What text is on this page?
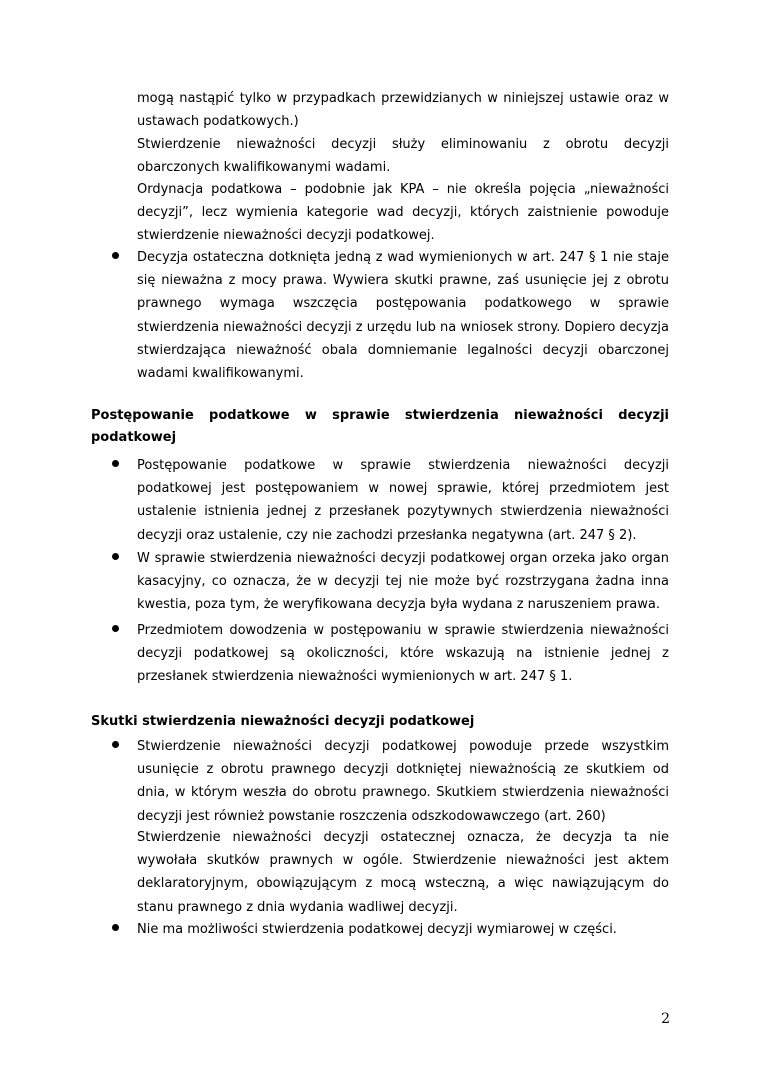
mogą nastąpić tylko w przypadkach przewidzianych w niniejszej ustawie oraz w ustawach podatkowych.)

Stwierdzenie nieważności decyzji służy eliminowaniu z obrotu decyzji obarczonych kwalifikowanymi wadami.

Ordynacja podatkowa – podobnie jak KPA – nie określa pojęcia „nieważności decyzji”, lecz wymienia kategorie wad decyzji, których zaistnienie powoduje stwierdzenie nieważności decyzji podatkowej.

Decyzja ostateczna dotknięta jedną z wad wymienionych w art. 247 § 1 nie staje się nieważna z mocy prawa. Wywiera skutki prawne, zaś usunięcie jej z obrotu prawnego wymaga wszczęcia postępowania podatkowego w sprawie stwierdzenia nieważności decyzji z urzędu lub na wniosek strony. Dopiero decyzja stwierdzająca nieważność obala domniemanie legalności decyzji obarczonej wadami kwalifikowanymi.

Postępowanie podatkowe w sprawie stwierdzenia nieważności decyzji podatkowej

Postępowanie podatkowe w sprawie stwierdzenia nieważności decyzji podatkowej jest postępowaniem w nowej sprawie, której przedmiotem jest ustalenie istnienia jednej z przesłanek pozytywnych stwierdzenia nieważności decyzji oraz ustalenie, czy nie zachodzi przesłanka negatywna (art. 247 § 2).

W sprawie stwierdzenia nieważności decyzji podatkowej organ orzeka jako organ kasacyjny, co oznacza, że w decyzji tej nie może być rozstrzygana żadna inna kwestia, poza tym, że weryfikowana decyzja była wydana z naruszeniem prawa.

Przedmiotem dowodzenia w postępowaniu w sprawie stwierdzenia nieważności decyzji podatkowej są okoliczności, które wskazują na istnienie jednej z przesłanek stwierdzenia nieważności wymienionych w art. 247 § 1.

Skutki stwierdzenia nieważności decyzji podatkowej

Stwierdzenie nieważności decyzji podatkowej powoduje przede wszystkim usunięcie z obrotu prawnego decyzji dotkniętej nieważnością ze skutkiem od dnia, w którym weszła do obrotu prawnego. Skutkiem stwierdzenia nieważności decyzji jest również powstanie roszczenia odszkodowawczego (art. 260)

Stwierdzenie nieważności decyzji ostatecznej oznacza, że decyzja ta nie wywołała skutków prawnych w ogóle. Stwierdzenie nieważności jest aktem deklaratoryjnym, obowiązującym z mocą wsteczną, a więc nawiązującym do stanu prawnego z dnia wydania wadliwej decyzji.

Nie ma możliwości stwierdzenia podatkowej decyzji wymiarowej w części.

2
